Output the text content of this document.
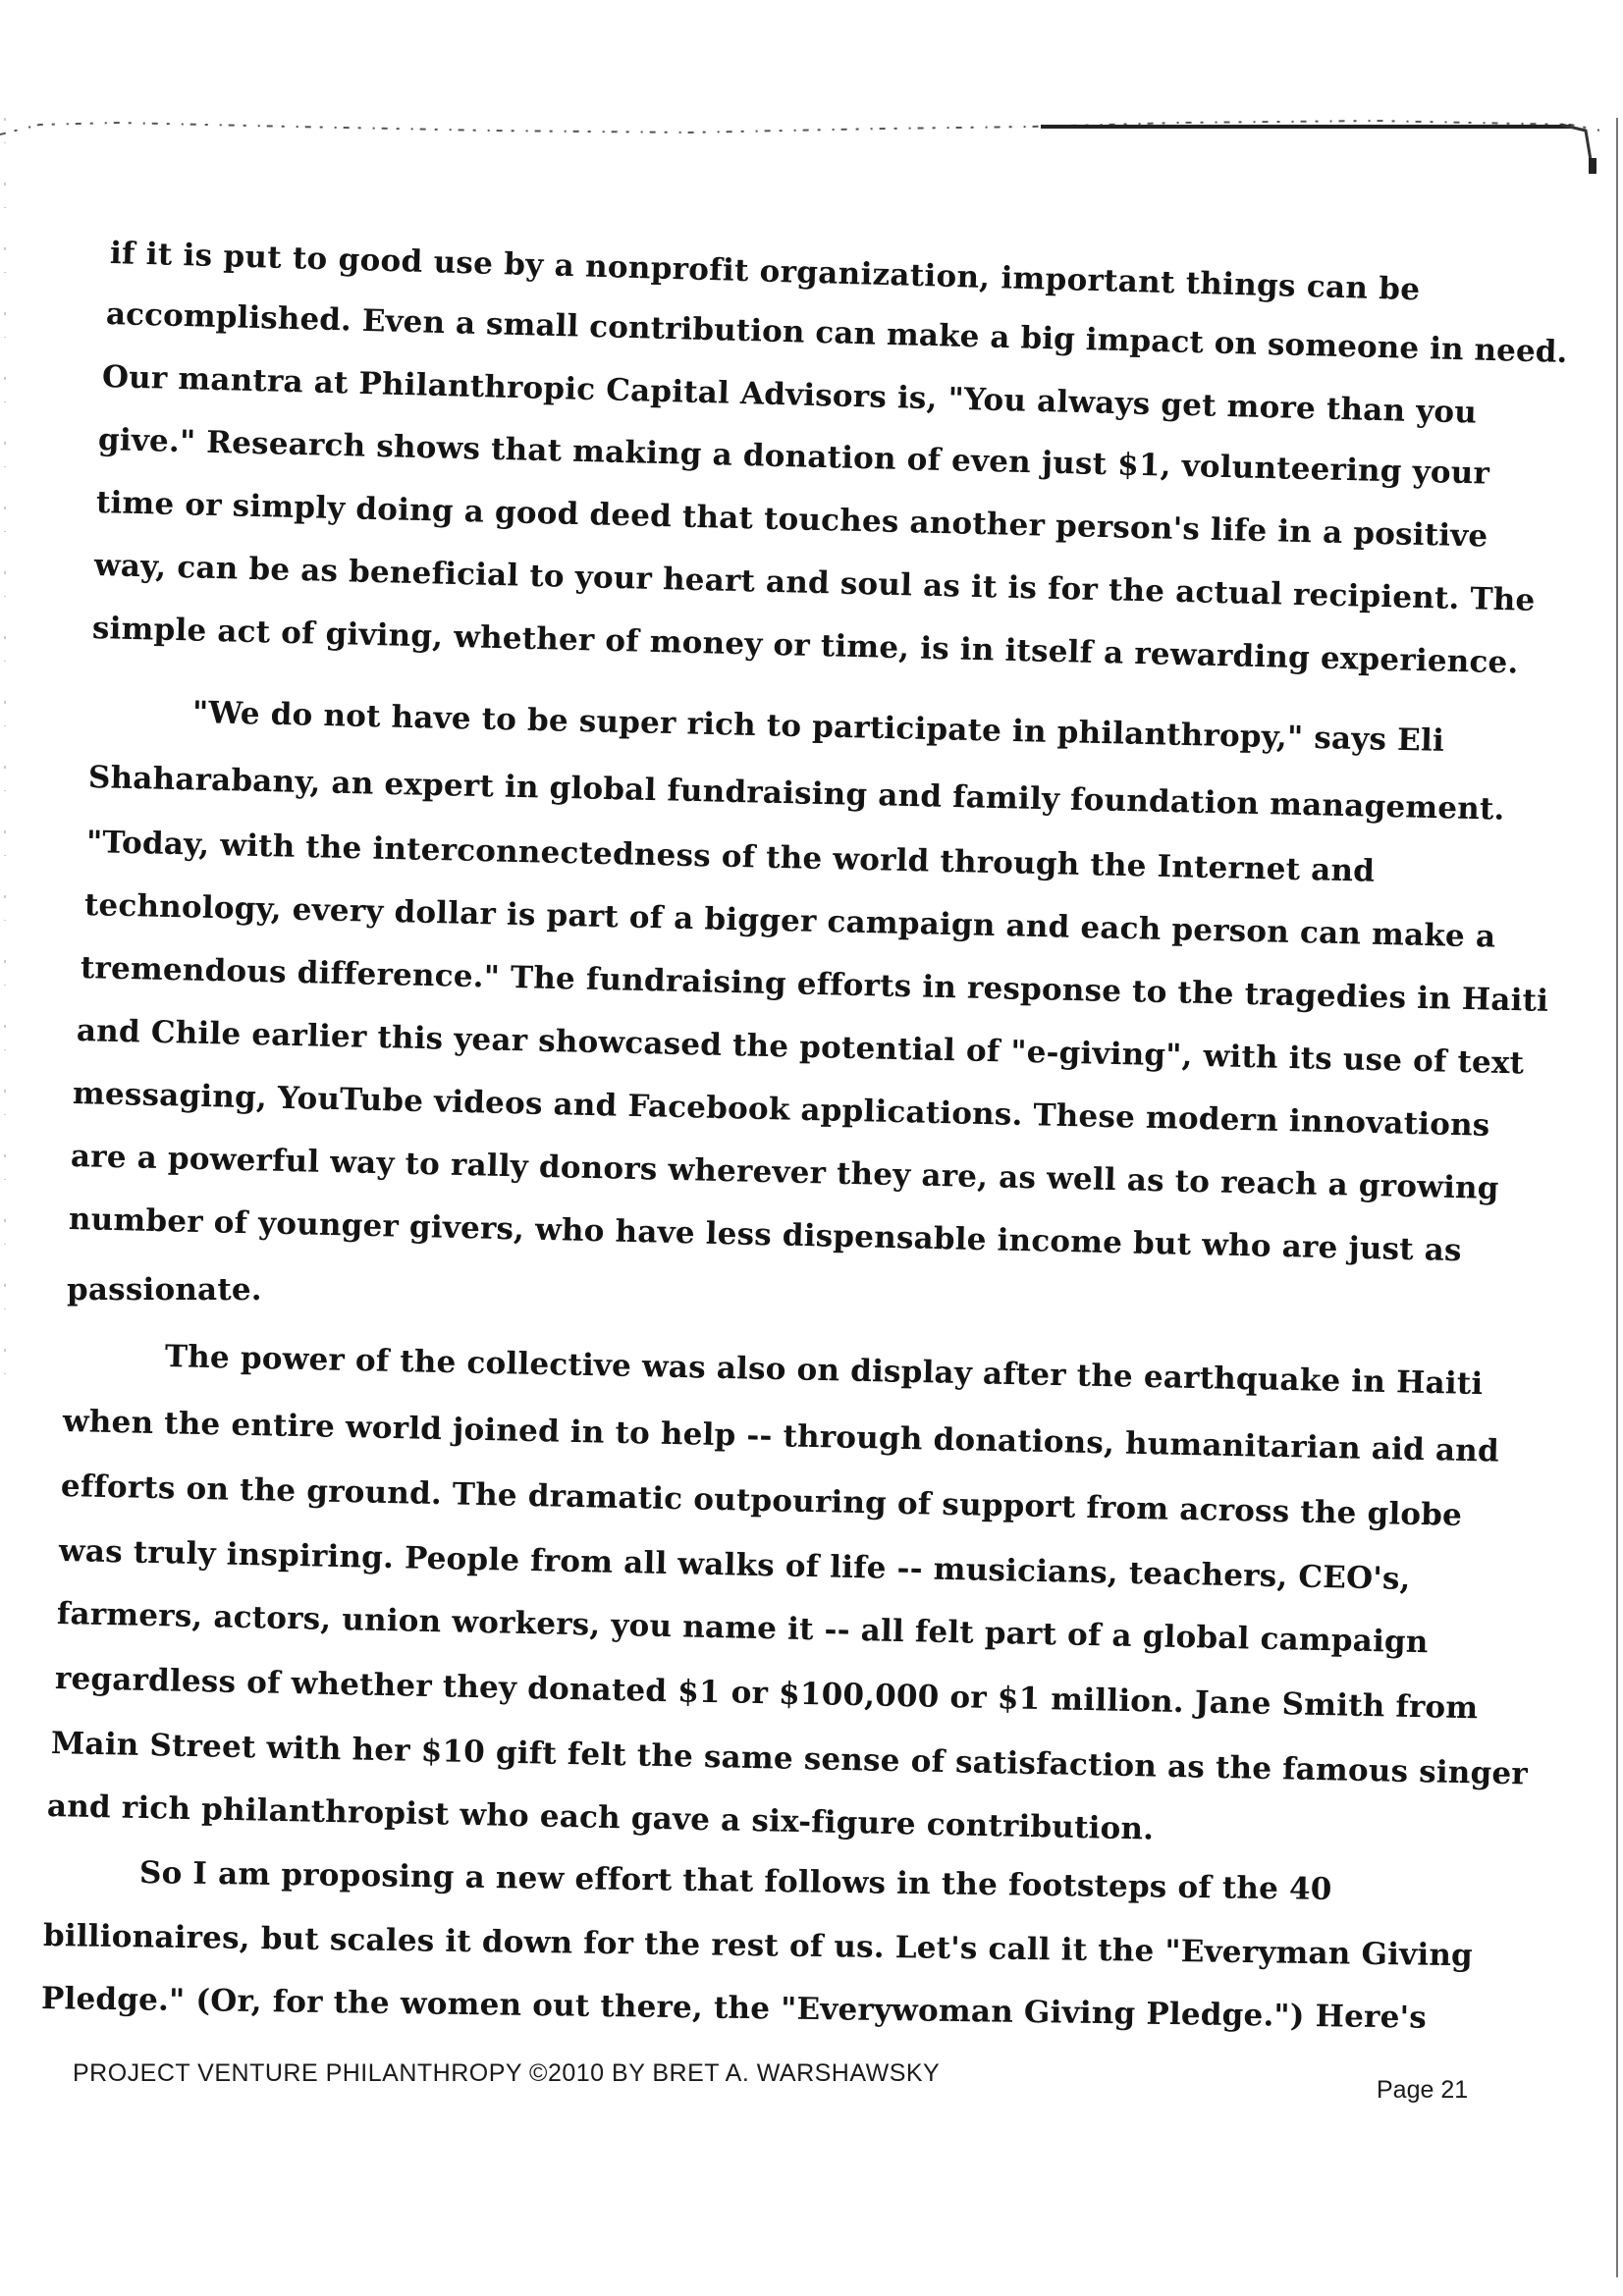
if it is put to good use by a nonprofit organization, important things can be
accomplished. Even a small contribution can make a big impact on someone in need.
Our mantra at Philanthropic Capital Advisors is, "You always get more than you
give." Research shows that making a donation of even just $1, volunteering your
time or simply doing a good deed that touches another person's life in a positive
way, can be as beneficial to your heart and soul as it is for the actual recipient. The
simple act of giving, whether of money or time, is in itself a rewarding experience.
"We do not have to be super rich to participate in philanthropy," says Eli
Shaharabany, an expert in global fundraising and family foundation management.
"Today, with the interconnectedness of the world through the Internet and
technology, every dollar is part of a bigger campaign and each person can make a
tremendous difference." The fundraising efforts in response to the tragedies in Haiti
and Chile earlier this year showcased the potential of "e-giving", with its use of text
messaging, YouTube videos and Facebook applications. These modern innovations
are a powerful way to rally donors wherever they are, as well as to reach a growing
number of younger givers, who have less dispensable income but who are just as
passionate.
The power of the collective was also on display after the earthquake in Haiti
when the entire world joined in to help -- through donations, humanitarian aid and
efforts on the ground. The dramatic outpouring of support from across the globe
was truly inspiring. People from all walks of life -- musicians, teachers, CEO's,
farmers, actors, union workers, you name it -- all felt part of a global campaign
regardless of whether they donated $1 or $100,000 or $1 million. Jane Smith from
Main Street with her $10 gift felt the same sense of satisfaction as the famous singer
and rich philanthropist who each gave a six-figure contribution.
So I am proposing a new effort that follows in the footsteps of the 40
billionaires, but scales it down for the rest of us. Let's call it the "Everyman Giving
Pledge." (Or, for the women out there, the "Everywoman Giving Pledge.") Here's
PROJECT VENTURE PHILANTHROPY ©2010 BY BRET A. WARSHAWSKY
Page 21
